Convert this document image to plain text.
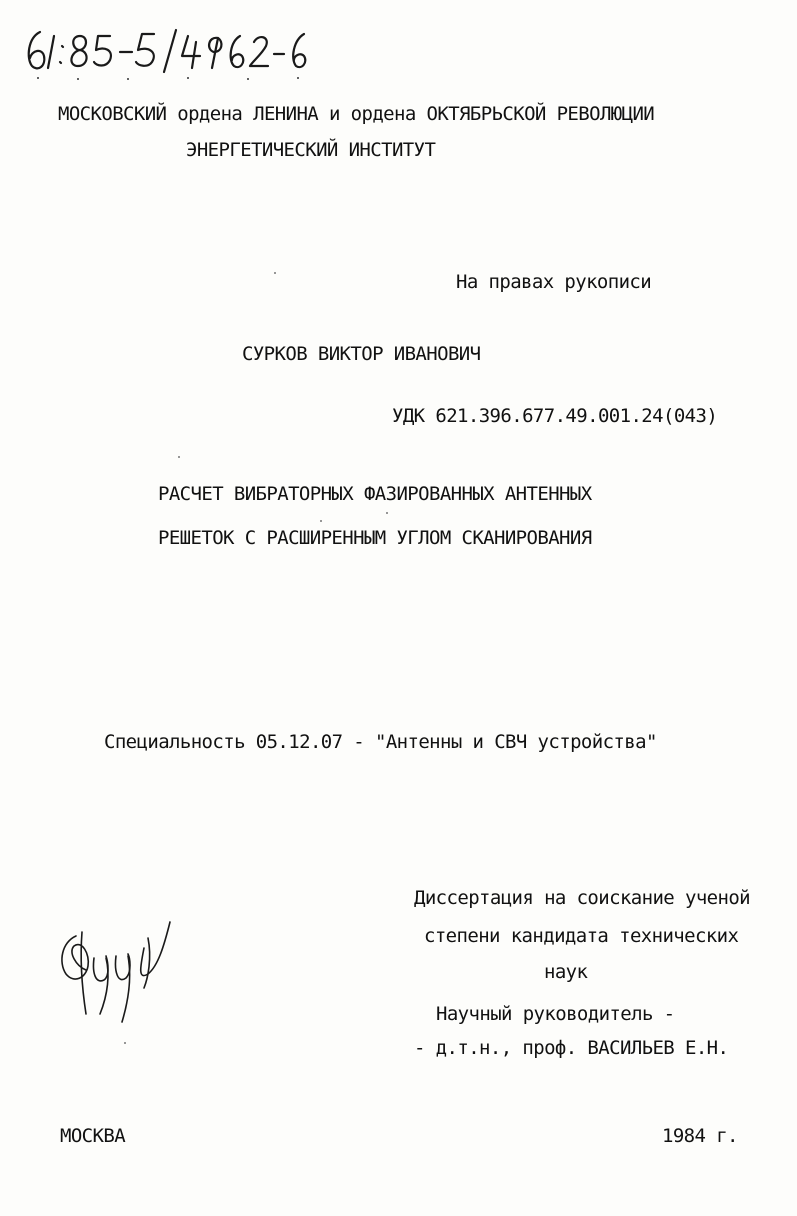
МОСКОВСКИЙ ордена ЛЕНИНА и ордена ОКТЯБРЬСКОЙ РЕВОЛЮЦИИ
ЭНЕРГЕТИЧЕСКИЙ ИНСТИТУТ
На правах рукописи
СУРКОВ ВИКТОР ИВАНОВИЧ
УДК 621.396.677.49.001.24(043)
РАСЧЕТ ВИБРАТОРНЫХ ФАЗИРОВАННЫХ АНТЕННЫХ
РЕШЕТОК С РАСШИРЕННЫМ УГЛОМ СКАНИРОВАНИЯ
Специальность 05.12.07 - "Антенны и СВЧ устройства"
Диссертация на соискание ученой
степени кандидата технических
наук
Научный руководитель -
- д.т.н., проф. ВАСИЛЬЕВ Е.Н.
МОСКВА	1984 г.
